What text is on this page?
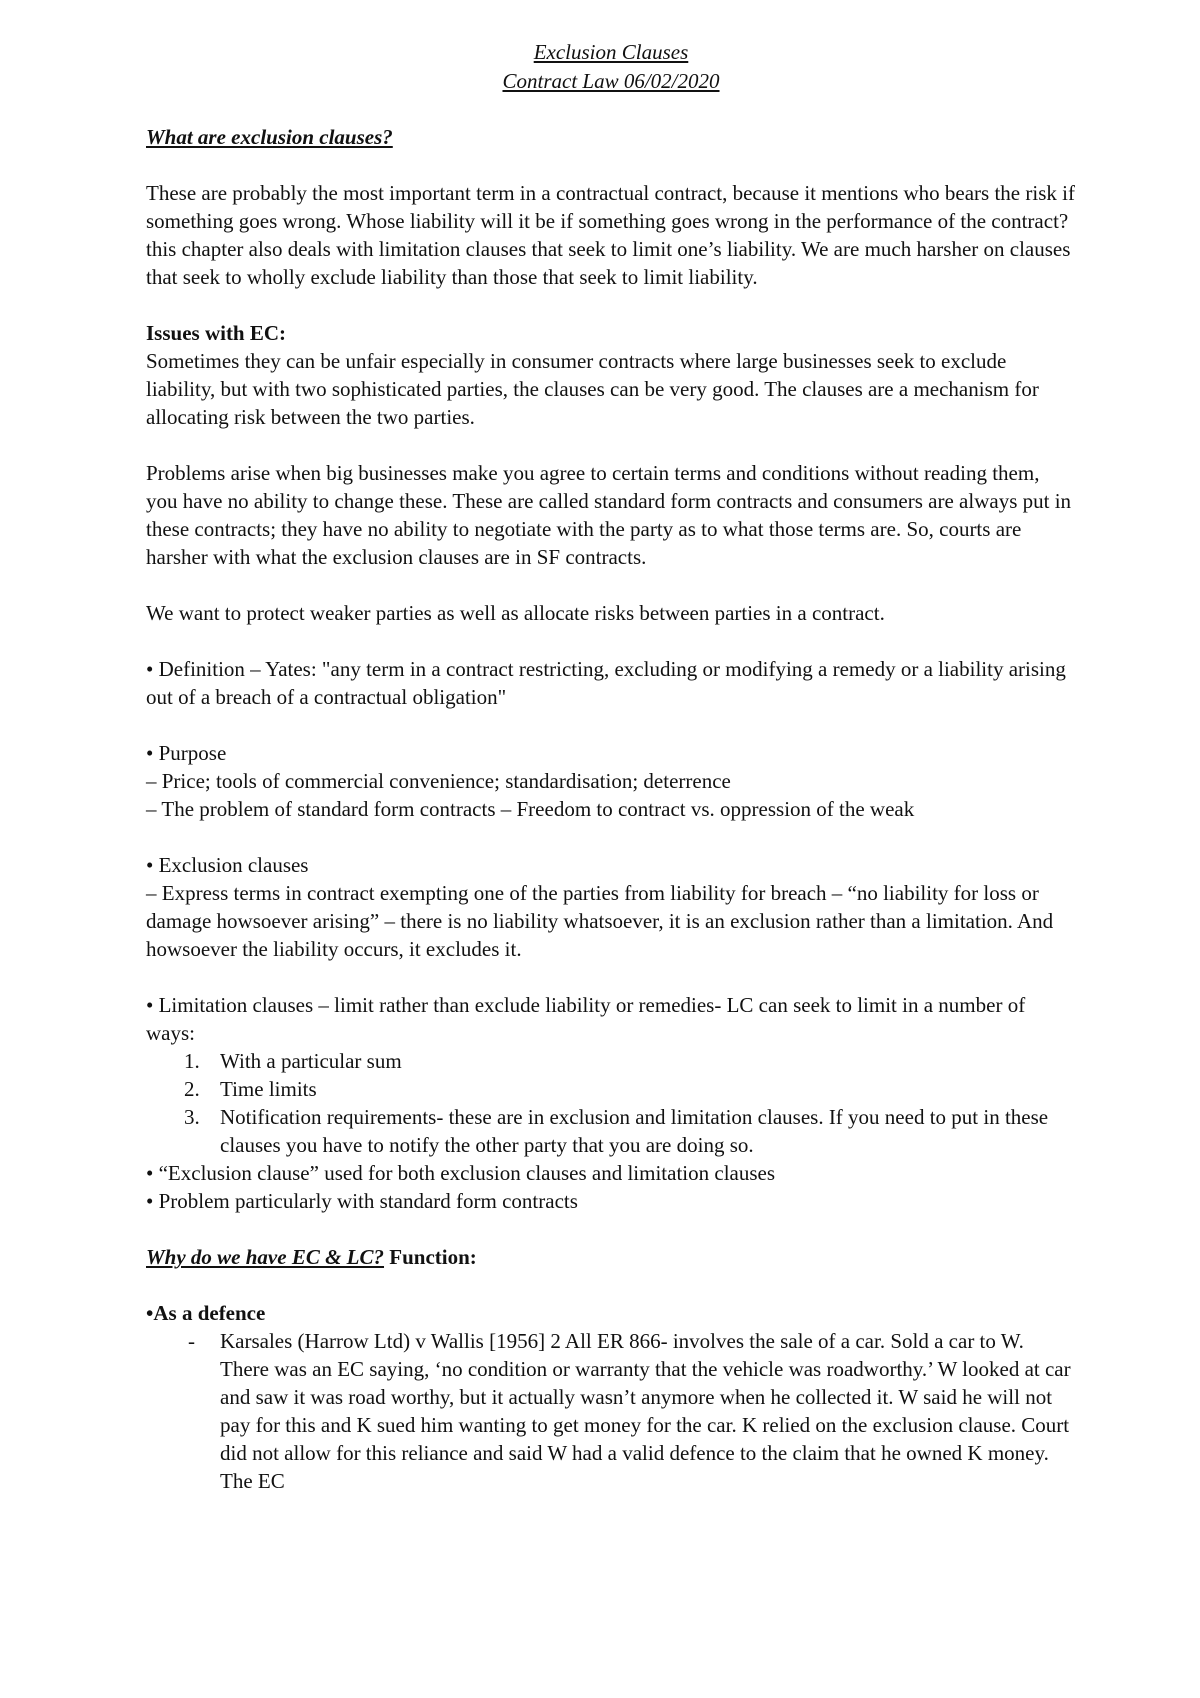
Exclusion Clauses

Contract Law 06/02/2020

What are exclusion clauses?

These are probably the most important term in a contractual contract, because it mentions who bears the risk if something goes wrong. Whose liability will it be if something goes wrong in the performance of the contract? this chapter also deals with limitation clauses that seek to limit one’s liability. We are much harsher on clauses that seek to wholly exclude liability than those that seek to limit liability.

Issues with EC:

Sometimes they can be unfair especially in consumer contracts where large businesses seek to exclude liability, but with two sophisticated parties, the clauses can be very good. The clauses are a mechanism for allocating risk between the two parties.

Problems arise when big businesses make you agree to certain terms and conditions without reading them, you have no ability to change these. These are called standard form contracts and consumers are always put in these contracts; they have no ability to negotiate with the party as to what those terms are. So, courts are harsher with what the exclusion clauses are in SF contracts.

We want to protect weaker parties as well as allocate risks between parties in a contract.

• Definition – Yates: "any term in a contract restricting, excluding or modifying a remedy or a liability arising out of a breach of a contractual obligation"

• Purpose

– Price; tools of commercial convenience; standardisation; deterrence

– The problem of standard form contracts – Freedom to contract vs. oppression of the weak

• Exclusion clauses

– Express terms in contract exempting one of the parties from liability for breach – “no liability for loss or damage howsoever arising” – there is no liability whatsoever, it is an exclusion rather than a limitation. And howsoever the liability occurs, it excludes it.

• Limitation clauses – limit rather than exclude liability or remedies- LC can seek to limit in a number of ways:

1. With a particular sum
2. Time limits
3. Notification requirements- these are in exclusion and limitation clauses. If you need to put in these clauses you have to notify the other party that you are doing so.

• “Exclusion clause” used for both exclusion clauses and limitation clauses

• Problem particularly with standard form contracts

Why do we have EC & LC? Function:

•As a defence

- Karsales (Harrow Ltd) v Wallis [1956] 2 All ER 866- involves the sale of a car. Sold a car to W. There was an EC saying, ‘no condition or warranty that the vehicle was roadworthy.’ W looked at car and saw it was road worthy, but it actually wasn’t anymore when he collected it. W said he will not pay for this and K sued him wanting to get money for the car. K relied on the exclusion clause. Court did not allow for this reliance and said W had a valid defence to the claim that he owned K money. The EC
